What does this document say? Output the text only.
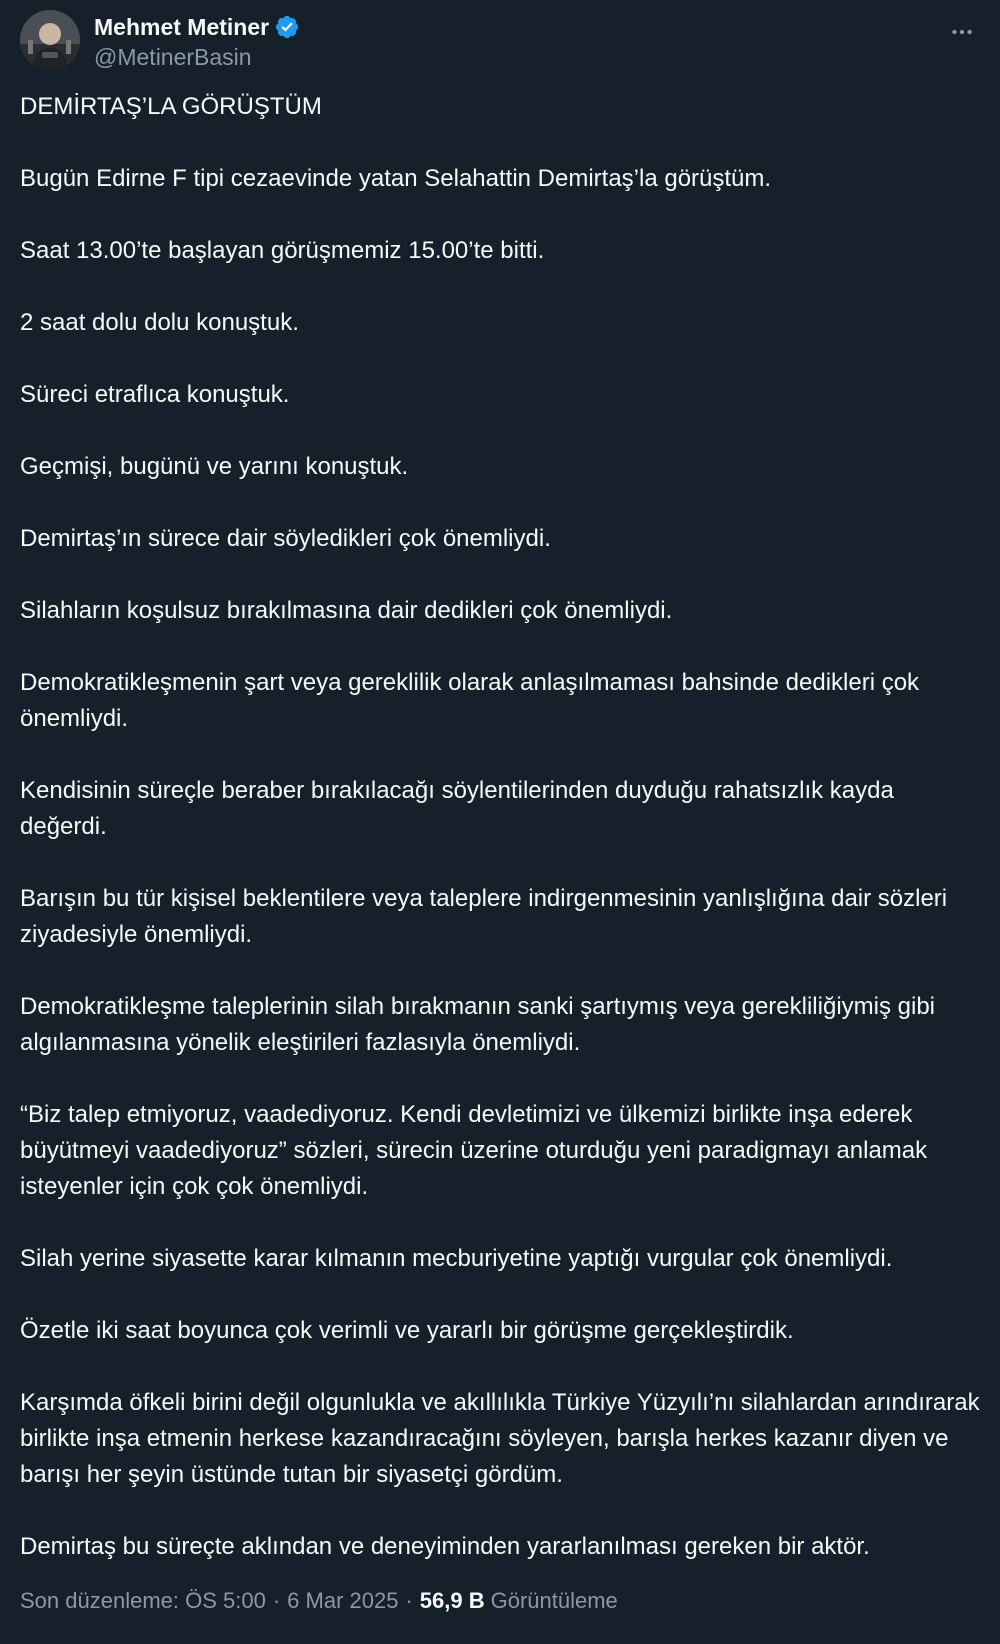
Mehmet Metiner
@MetinerBasin

DEMİRTAŞ’LA GÖRÜŞTÜM

Bugün Edirne F tipi cezaevinde yatan Selahattin Demirtaş’la görüştüm.

Saat 13.00’te başlayan görüşmemiz 15.00’te bitti.

2 saat dolu dolu konuştuk.

Süreci etraflıca konuştuk.

Geçmişi, bugünü ve yarını konuştuk.

Demirtaş’ın sürece dair söyledikleri çok önemliydi.

Silahların koşulsuz bırakılmasına dair dedikleri çok önemliydi.

Demokratikleşmenin şart veya gereklilik olarak anlaşılmaması bahsinde dedikleri çok önemliydi.

Kendisinin süreçle beraber bırakılacağı söylentilerinden duyduğu rahatsızlık kayda değerdi.

Barışın bu tür kişisel beklentilere veya taleplere indirgenmesinin yanlışlığına dair sözleri ziyadesiyle önemliydi.

Demokratikleşme taleplerinin silah bırakmanın sanki şartıymış veya gerekliliğiymiş gibi algılanmasına yönelik eleştirileri fazlasıyla önemliydi.

“Biz talep etmiyoruz, vaadediyoruz. Kendi devletimizi ve ülkemizi birlikte inşa ederek büyütmeyi vaadediyoruz” sözleri, sürecin üzerine oturduğu yeni paradigmayı anlamak isteyenler için çok çok önemliydi.

Silah yerine siyasette karar kılmanın mecburiyetine yaptığı vurgular çok önemliydi.

Özetle iki saat boyunca çok verimli ve yararlı bir görüşme gerçekleştirdik.

Karşımda öfkeli birini değil olgunlukla ve akıllılıkla Türkiye Yüzyılı’nı silahlardan arındırarak birlikte inşa etmenin herkese kazandıracağını söyleyen, barışla herkes kazanır diyen ve barışı her şeyin üstünde tutan bir siyasetçi gördüm.

Demirtaş bu süreçte aklından ve deneyiminden yararlanılması gereken bir aktör.

Son düzenleme: ÖS 5:00 · 6 Mar 2025 · 56,9 B Görüntüleme
